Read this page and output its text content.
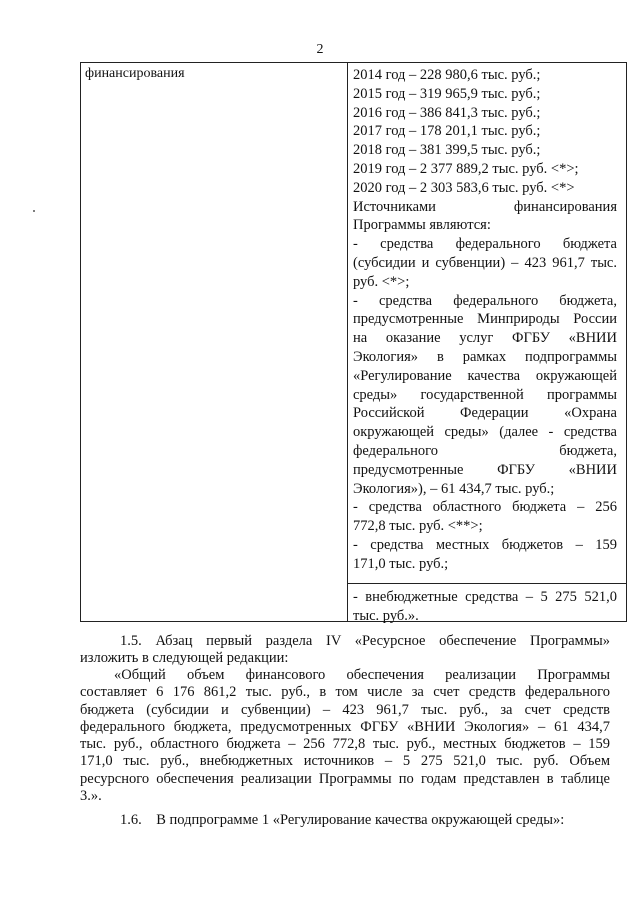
2
финансирования	2014 год – 228 980,6 тыс. руб.;
2015 год – 319 965,9 тыс. руб.;
2016 год – 386 841,3 тыс. руб.;
2017 год – 178 201,1 тыс. руб.;
2018 год – 381 399,5 тыс. руб.;
2019 год – 2 377 889,2 тыс. руб. <*>;
2020 год – 2 303 583,6 тыс. руб. <*>
Источниками финансирования
Программы являются:
- средства федерального бюджета
(субсидии и субвенции) – 423 961,7 тыс.
руб. <*>;
- средства федерального бюджета,
предусмотренные Минприроды России
на оказание услуг ФГБУ «ВНИИ
Экология» в рамках подпрограммы
«Регулирование качества окружающей
среды» государственной программы
Российской Федерации «Охрана
окружающей среды» (далее - средства
федерального бюджета,
предусмотренные ФГБУ «ВНИИ
Экология»), – 61 434,7 тыс. руб.;
- средства областного бюджета – 256
772,8 тыс. руб. <**>;
- средства местных бюджетов – 159
171,0 тыс. руб.;
- внебюджетные средства – 5 275 521,0
тыс. руб.».
1.5. Абзац первый раздела IV «Ресурсное обеспечение Программы»
изложить в следующей редакции:
«Общий объем финансового обеспечения реализации Программы
составляет 6 176 861,2 тыс. руб., в том числе за счет средств федерального
бюджета (субсидии и субвенции) – 423 961,7 тыс. руб., за счет средств
федерального бюджета, предусмотренных ФГБУ «ВНИИ Экология» – 61 434,7
тыс. руб., областного бюджета – 256 772,8 тыс. руб., местных бюджетов – 159
171,0 тыс. руб., внебюджетных источников – 5 275 521,0 тыс. руб. Объем
ресурсного обеспечения реализации Программы по годам представлен в таблице
3.».
1.6.    В подпрограмме 1 «Регулирование качества окружающей среды»:
